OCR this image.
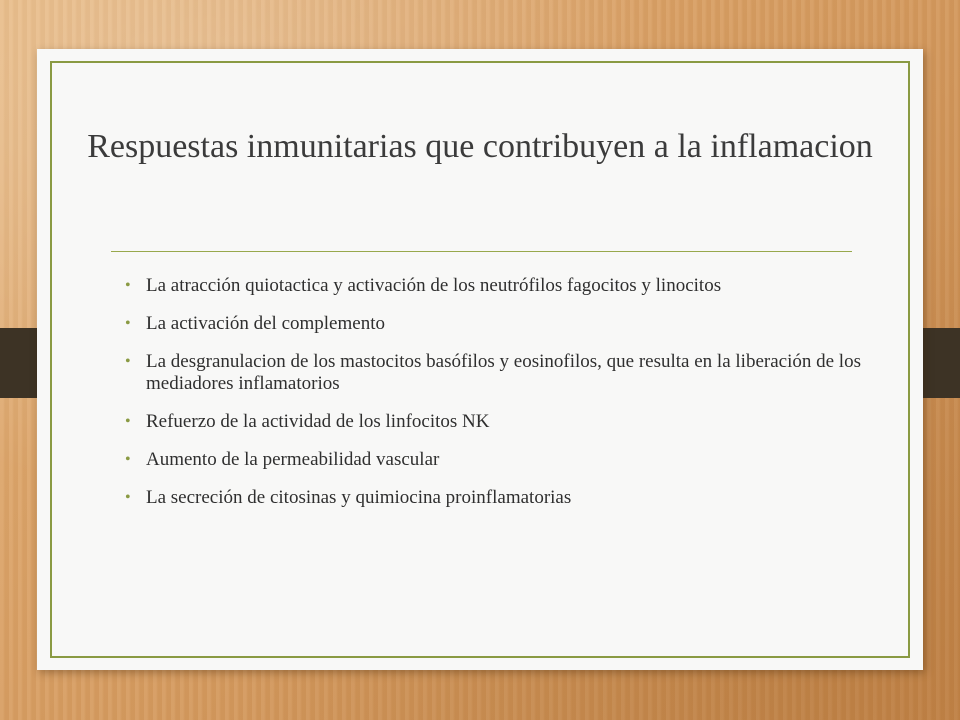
Respuestas inmunitarias que contribuyen a la inflamacion
• La atracción quiotactica y activación de los neutrófilos fagocitos y linocitos
• La activación del complemento
• La desgranulacion de los mastocitos basófilos y eosinofilos, que resulta en la liberación de los mediadores inflamatorios
• Refuerzo de la actividad de los linfocitos NK
• Aumento de la permeabilidad vascular
• La secreción de citosinas y quimiocina proinflamatorias
